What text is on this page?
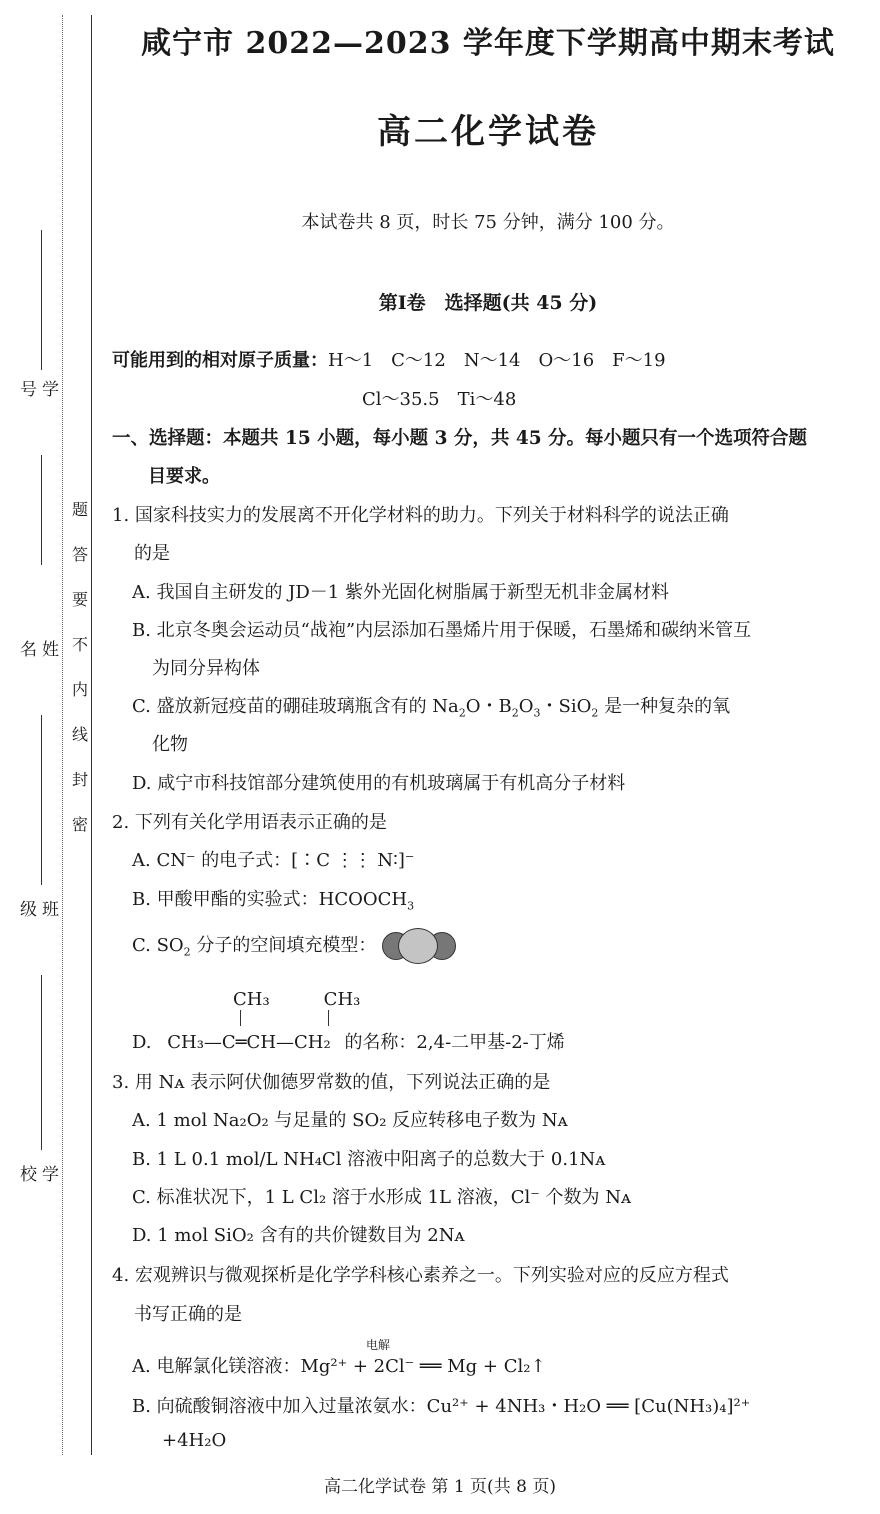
学　号
姓　名
班　级
学　校
题
答
要
不
内
线
封
密
咸宁市 2022—2023 学年度下学期高中期末考试
高二化学试卷
本试卷共 8 页，时长 75 分钟，满分 100 分。
第Ⅰ卷　选择题(共 45 分)
可能用到的相对原子质量：H～1　C～12　N～14　O～16　F～19
Cl～35.5　Ti～48
一、选择题：本题共 15 小题，每小题 3 分，共 45 分。每小题只有一个选项符合题
目要求。
1. 国家科技实力的发展离不开化学材料的助力。下列关于材料科学的说法正确
的是
A. 我国自主研发的 JD－1 紫外光固化树脂属于新型无机非金属材料
B. 北京冬奥会运动员“战袍”内层添加石墨烯片用于保暖，石墨烯和碳纳米管互
为同分异构体
C. 盛放新冠疫苗的硼硅玻璃瓶含有的 $Na_2O$・$B_2O_3$・SiO$_2$ 是一种复杂的氧
化物
D. 咸宁市科技馆部分建筑使用的有机玻璃属于有机高分子材料
2. 下列有关化学用语表示正确的是
A. CN⁻ 的电子式：[∶C ⋮⋮ N∶]⁻
B. 甲酸甲酯的实验式：$HCOOCH_3$
C. $SO_2$ 分子的空间填充模型：
CH₃　　　CH₃
D. CH₃—C═CH—CH₂ 的名称：2,4-二甲基-2-丁烯
3. 用 Nᴀ 表示阿伏伽德罗常数的值，下列说法正确的是
A. 1 mol Na₂O₂ 与足量的 SO₂ 反应转移电子数为 Nᴀ
B. 1 L 0.1 mol/L NH₄Cl 溶液中阳离子的总数大于 0.1Nᴀ
C. 标准状况下，1 L Cl₂ 溶于水形成 1L 溶液，Cl⁻ 个数为 Nᴀ
D. 1 mol SiO₂ 含有的共价键数目为 2Nᴀ
4. 宏观辨识与微观探析是化学学科核心素养之一。下列实验对应的反应方程式
书写正确的是
电解
A. 电解氯化镁溶液：Mg²⁺ + 2Cl⁻ ══ Mg + Cl₂↑
B. 向硫酸铜溶液中加入过量浓氨水：Cu²⁺ + 4NH₃・H₂O ══ [Cu(NH₃)₄]²⁺
+4H₂O
高二化学试卷 第 1 页(共 8 页)
